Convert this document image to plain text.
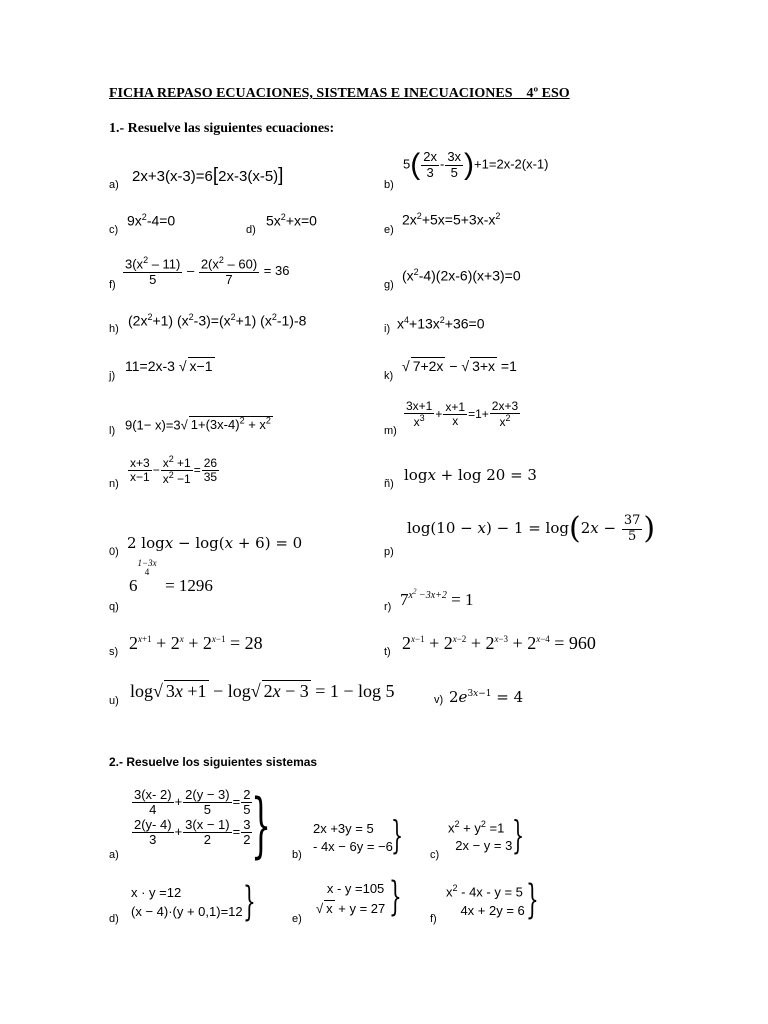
FICHA REPASO ECUACIONES, SISTEMAS E INECUACIONES    4º ESO
1.- Resuelve las siguientes ecuaciones:
a) 2x+3(x-3)=6[2x-3(x-5)]	b)
$5( \frac{2x}{3} - \frac{3x}{5} )+1=2x-2(x-1)$
c)
$9x^2-4=0$
d)
$5x^2+x=0$
e)
$2x^2+5x=5+3x-x^2$
$f) \frac{3(x^2 - 11)}{5} - \frac{2(x^2 - 60)}{7} = 36$
g)
$(x^2-4)(2x-6)(x+3)=0$
h)
$(2x^2+1)$ $(x^2-3)=(x^2+1)$ $(x^2-1)-8$
i) $x^4+13x^2+36=0$
j)
11=2x-3 √ x−1
k)
√ 7+2x − √ 3+x =1
l) 9(1− x)=3√ $1+(3x-4)^2 + x^2$
m)
$\frac{3x+1}{x^3} + \frac{x+1}{x} =1+ \frac{2x+3}{x^2}$
$n) \frac{x+3}{x-1} - \frac{x^2 +1}{x^2 -1} = \frac{26}{35}$	ñ) logx + log 20 = 3
0) 2 logx − log(x + 6) = 0	p)
$\log(10 - x) - 1 = \log(2x - \frac{37}{5}$ )
q)
61−3x
4  = 1296
r) $7^{x^2 -3x+2} = 1$
s) $2^{x+1} + 2^x + 2^{x-1} = 28$	t) $2^{x-1} + 2^{x-2} + 2^{x-3} + 2^{x-4} = 960$
u) log√ 3x +1 − log√ 2x − 3 = 1 − log 5	v) $2e^{3x-1} = 4$
2.- Resuelve los siguientes sistemas
a)
$\frac{3(x- 2)}{4} + \frac{2(y - 3)}{5} = \frac{2}{5}$
$\frac{2(y- 4)}{3} + \frac{3(x - 1)}{2} = \frac{3}{2}$
} b)
2x +3y = 5
- 4x − 6y = −6
} c)
$x^2 + y^2 =1$
2x − y = 3 }
d)
x · y =12
(x − 4)·(y + 0,1)=12 }	e)
x - y =105
√ x + y = 27 }	f)
$x^2 - 4x - y = 5$
4x + 2y = 6 }
